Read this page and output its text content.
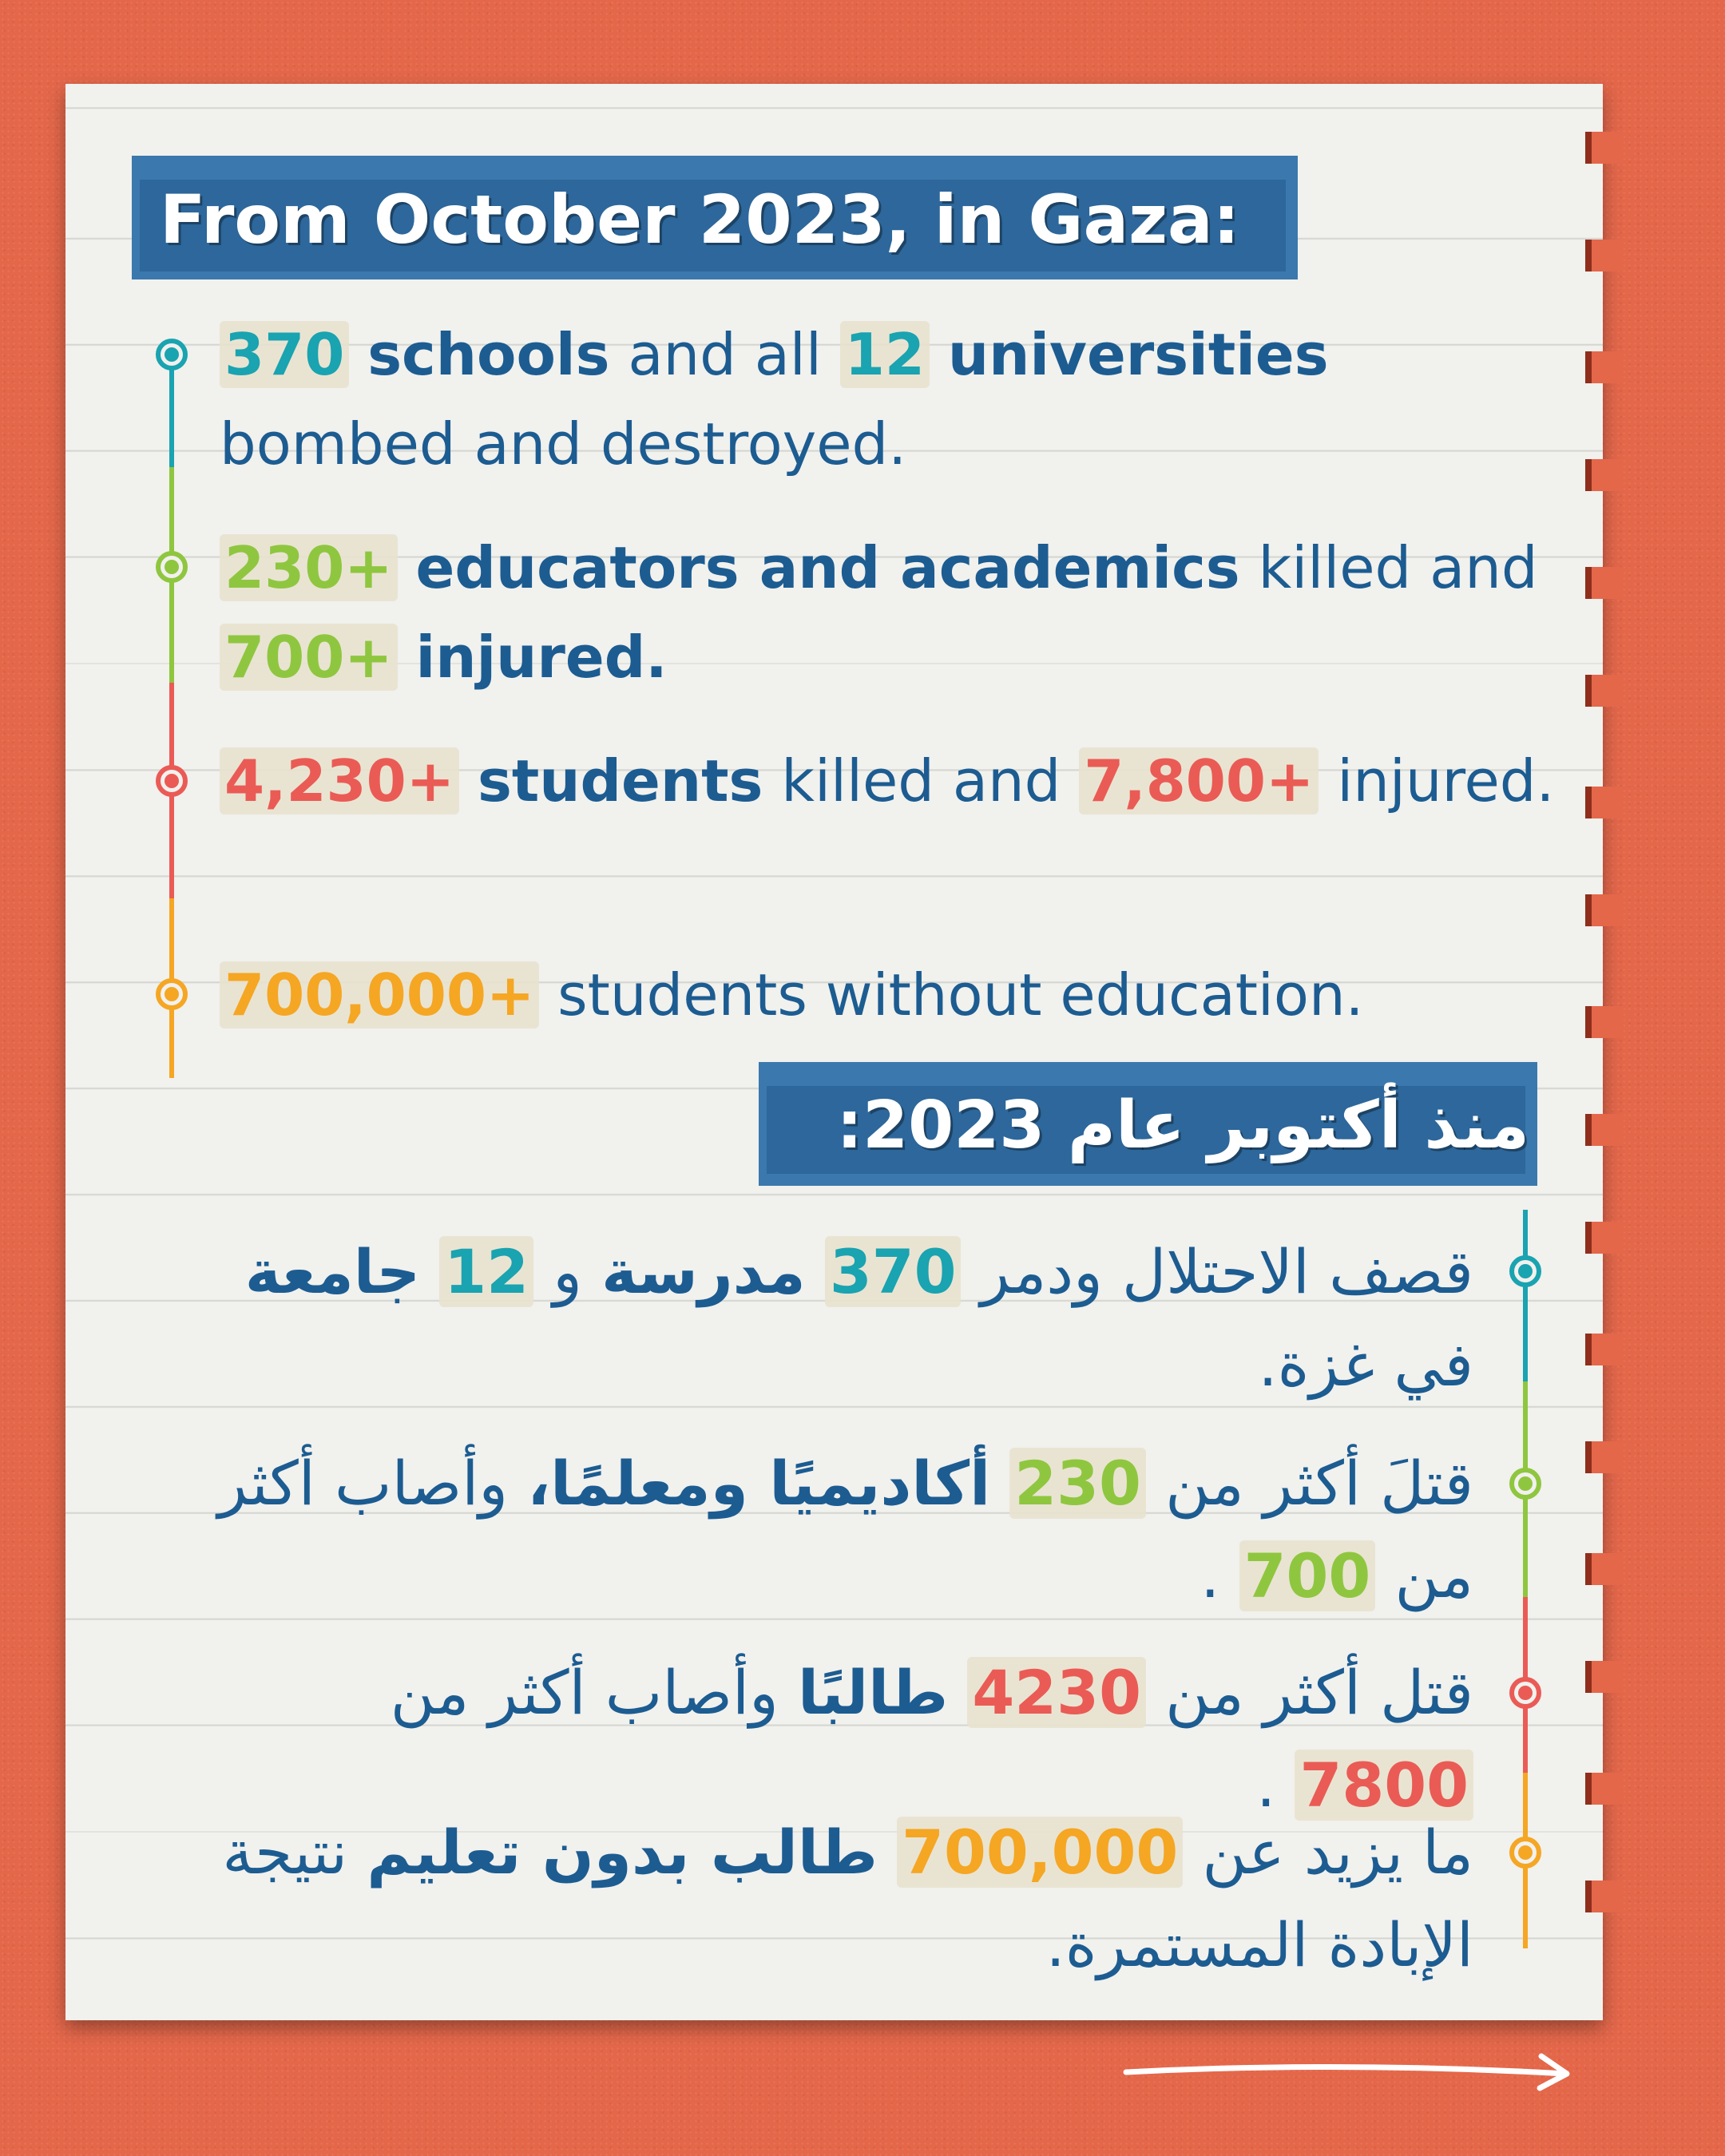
From October 2023, in Gaza:
370 schools and all 12 universities bombed and destroyed.
230+ educators and academics killed and 700+ injured.
4,230+ students killed and 7,800+ injured.
700,000+ students without education.
منذ أكتوبر عام 2023:
قصف الاحتلال ودمر 370 مدرسة و 12 جامعة في غزة.
قتلَ أكثر من 230 أكاديميًا ومعلمًا، وأصاب أكثر من 700 .
قتل أكثر من 4230 طالبًا وأصاب أكثر من 7800 .
ما يزيد عن 700,000 طالب بدون تعليم نتيجة الإبادة المستمرة.
